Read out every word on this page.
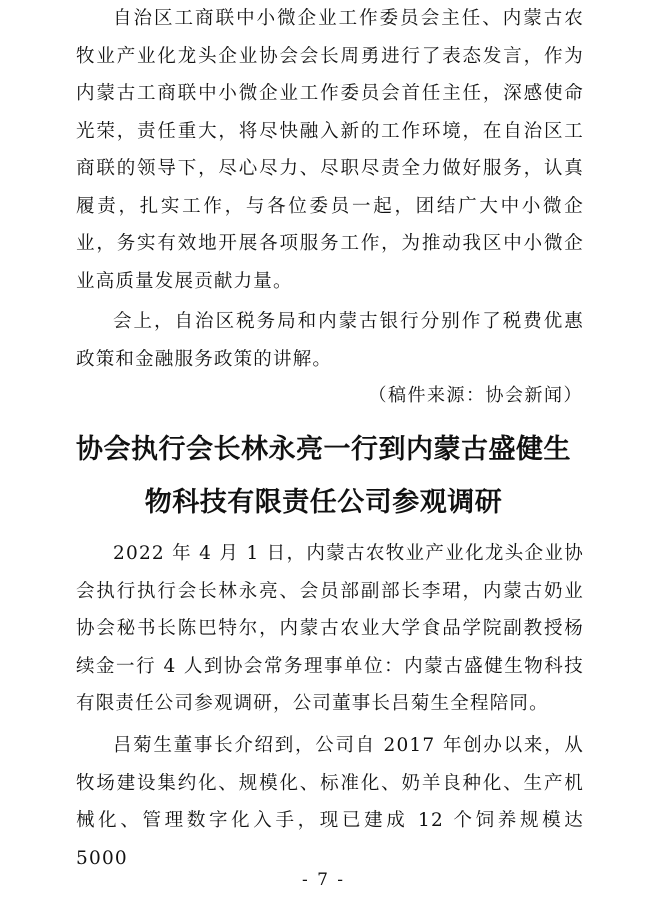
自治区工商联中小微企业工作委员会主任、内蒙古农牧业产业化龙头企业协会会长周勇进行了表态发言，作为内蒙古工商联中小微企业工作委员会首任主任，深感使命光荣，责任重大，将尽快融入新的工作环境，在自治区工商联的领导下，尽心尽力、尽职尽责全力做好服务，认真履责，扎实工作，与各位委员一起，团结广大中小微企业，务实有效地开展各项服务工作，为推动我区中小微企业高质量发展贡献力量。

会上，自治区税务局和内蒙古银行分别作了税费优惠政策和金融服务政策的讲解。

（稿件来源：协会新闻）

协会执行会长林永亮一行到内蒙古盛健生
物科技有限责任公司参观调研

2022 年 4 月 1 日，内蒙古农牧业产业化龙头企业协会执行执行会长林永亮、会员部副部长李珺，内蒙古奶业协会秘书长陈巴特尔，内蒙古农业大学食品学院副教授杨续金一行 4 人到协会常务理事单位：内蒙古盛健生物科技有限责任公司参观调研，公司董事长吕菊生全程陪同。

吕菊生董事长介绍到，公司自 2017 年创办以来，从牧场建设集约化、规模化、标准化、奶羊良种化、生产机械化、管理数字化入手，现已建成 12 个饲养规模达 5000

- 7 -
